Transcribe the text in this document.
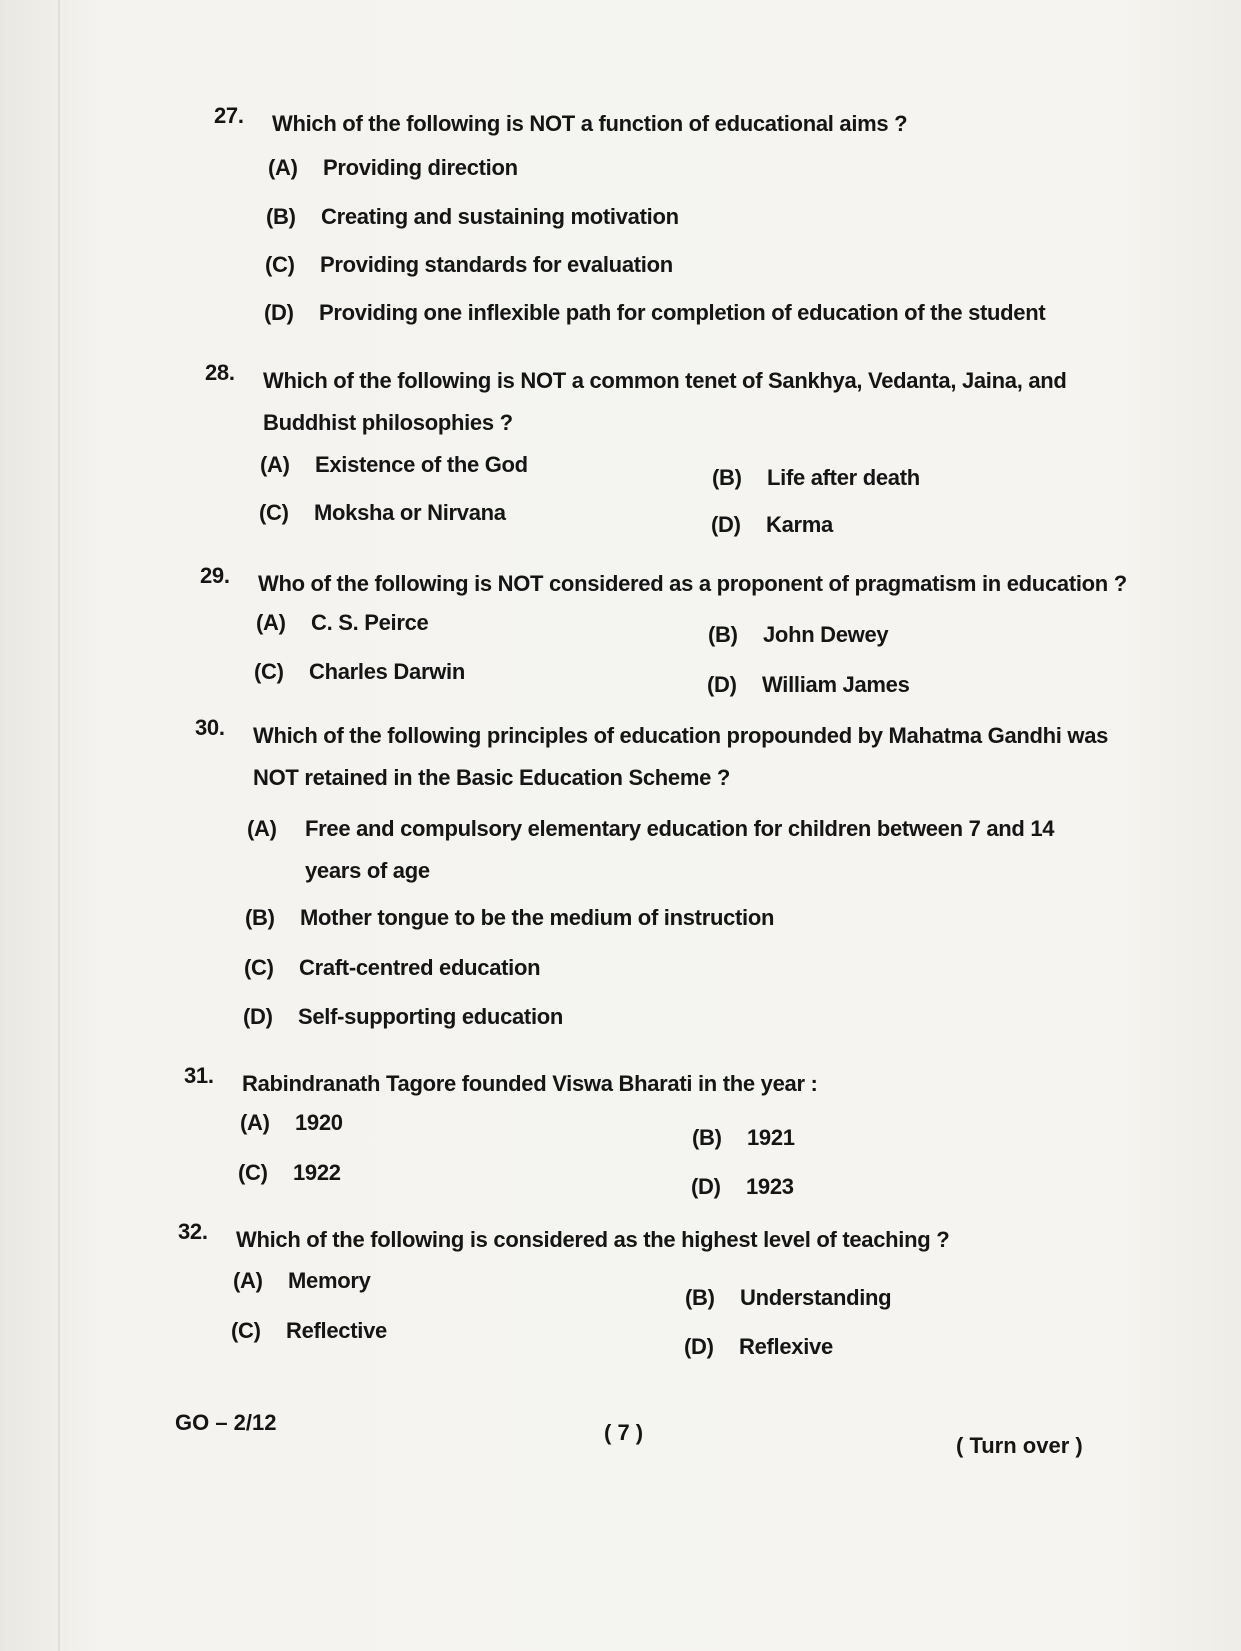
27. Which of the following is NOT a function of educational aims ?
(A) Providing direction
(B) Creating and sustaining motivation
(C) Providing standards for evaluation
(D) Providing one inflexible path for completion of education of the student
28. Which of the following is NOT a common tenet of Sankhya, Vedanta, Jaina, and Buddhist philosophies ?
(A) Existence of the God
(B) Life after death
(C) Moksha or Nirvana	(D) Karma
29. Who of the following is NOT considered as a proponent of pragmatism in education ?
(A) C. S. Peirce	(B) John Dewey
(C) Charles Darwin
(D) William James
30. Which of the following principles of education propounded by Mahatma Gandhi was NOT retained in the Basic Education Scheme ?
(A) Free and compulsory elementary education for children between 7 and 14 years of age
(B) Mother tongue to be the medium of instruction
(C) Craft-centred education
(D) Self-supporting education
31. Rabindranath Tagore founded Viswa Bharati in the year :
(A) 1920
(B) 1921
(C) 1922
(D) 1923
32. Which of the following is considered as the highest level of teaching ?
(A) Memory
(B) Understanding
(C) Reflective
(D) Reflexive
GO – 2/12	( 7 )
( Turn over )
